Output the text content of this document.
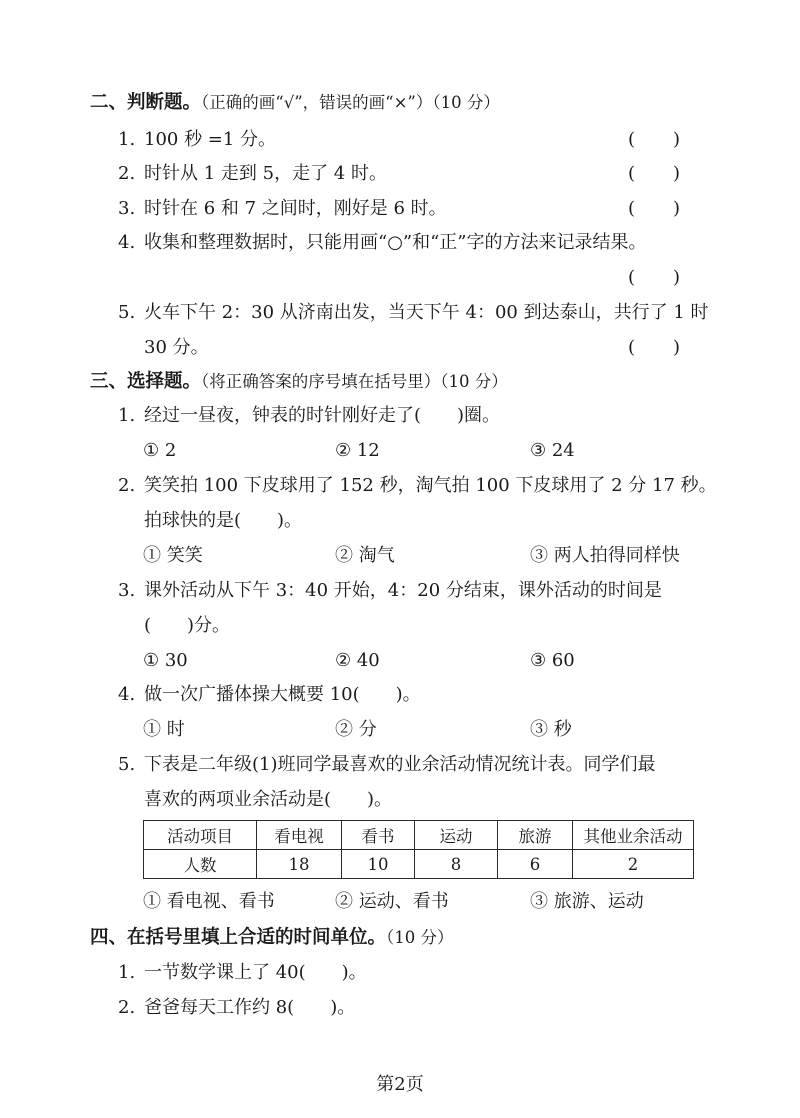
二、判断题。（正确的画“√”，错误的画“×”）（10 分）
1. 100 秒 =1 分。	( )
2. 时针从 1 走到 5，走了 4 时。	( )
3. 时针在 6 和 7 之间时，刚好是 6 时。	( )
4. 收集和整理数据时，只能用画“○”和“正”字的方法来记录结果。
( )
5. 火车下午 2：30 从济南出发，当天下午 4：00 到达泰山，共行了 1 时
30 分。	( )
三、选择题。（将正确答案的序号填在括号里）（10 分）
1. 经过一昼夜，钟表的时针刚好走了(　　)圈。
① 2	② 12	③ 24
2. 笑笑拍 100 下皮球用了 152 秒，淘气拍 100 下皮球用了 2 分 17 秒。
拍球快的是(　　)。
① 笑笑	② 淘气	③ 两人拍得同样快
3. 课外活动从下午 3：40 开始，4：20 分结束，课外活动的时间是
(　　)分。
① 30	② 40	③ 60
4. 做一次广播体操大概要 10(　　)。
① 时	② 分	③ 秒
5. 下表是二年级(1)班同学最喜欢的业余活动情况统计表。同学们最
喜欢的两项业余活动是(　　)。
活动项目	看电视	看书	运动	旅游	其他业余活动
人数	18	10	8	6	2
① 看电视、看书	② 运动、看书	③ 旅游、运动
四、在括号里填上合适的时间单位。（10 分）
1. 一节数学课上了 40(　　)。
2. 爸爸每天工作约 8(　　)。
第2页
